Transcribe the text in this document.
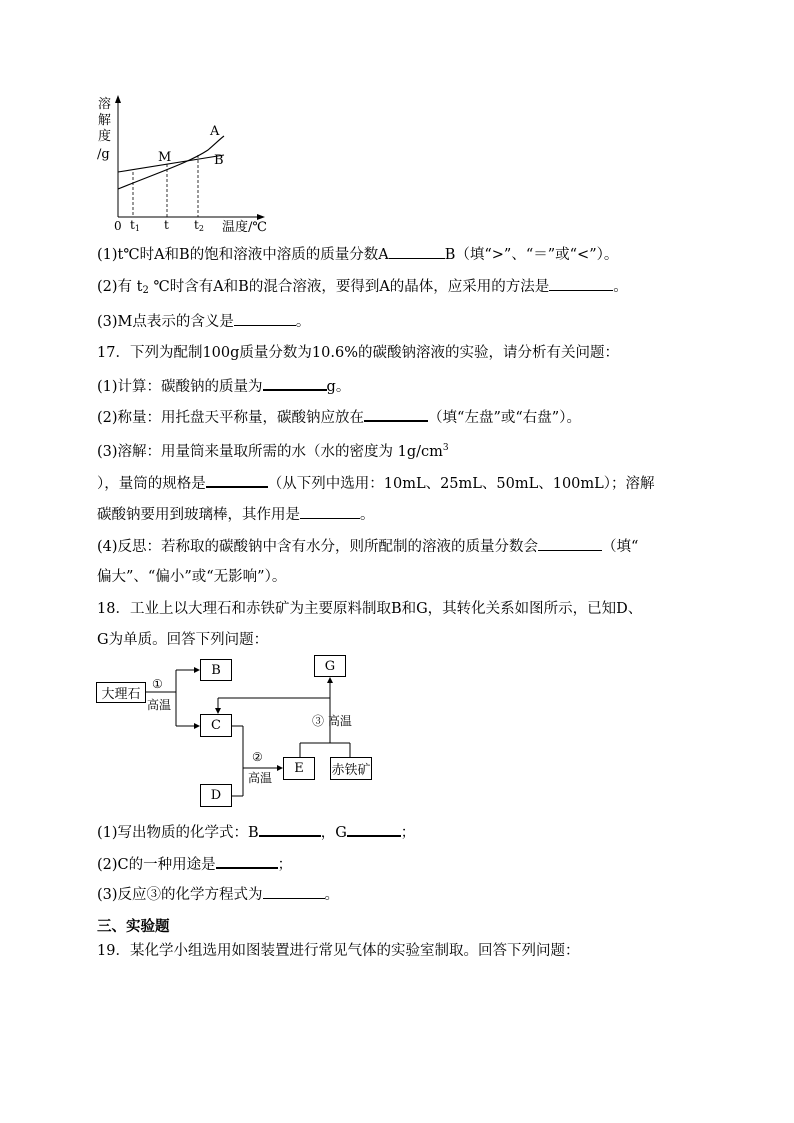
溶
解
度
/g
A
B
M
0 t1 t t2 温度/℃
(1)t℃时A和B的饱和溶液中溶质的质量分数A	B（填“>”、“＝”或“<”）。
(2)有 $t_2$ ℃时含有A和B的混合溶液，要得到A的晶体，应采用的方法是	。
(3)M点表示的含义是	。
17．下列为配制100g质量分数为10.6%的碳酸钠溶液的实验，请分析有关问题：
(1)计算：碳酸钠的质量为	g。
(2)称量：用托盘天平称量，碳酸钠应放在	（填“左盘”或“右盘”）。
(3)溶解：用量筒来量取所需的水（水的密度为 $1g/cm^3$
），量筒的规格是	（从下列中选用：10mL、25mL、50mL、100mL）；溶解
碳酸钠要用到玻璃棒，其作用是	。
(4)反思：若称取的碳酸钠中含有水分，则所配制的溶液的质量分数会	（填“
偏大”、“偏小”或“无影响”）。
18．工业上以大理石和赤铁矿为主要原料制取B和G，其转化关系如图所示，已知D、
G为单质。回答下列问题：
①
高温
②
高温
③ 高温
大理石
B
C
D
E	赤铁矿
G
(1)写出物质的化学式：B	，G	；
(2)C的一种用途是	；
(3)反应③的化学方程式为	。
三、实验题
19．某化学小组选用如图装置进行常见气体的实验室制取。回答下列问题：
